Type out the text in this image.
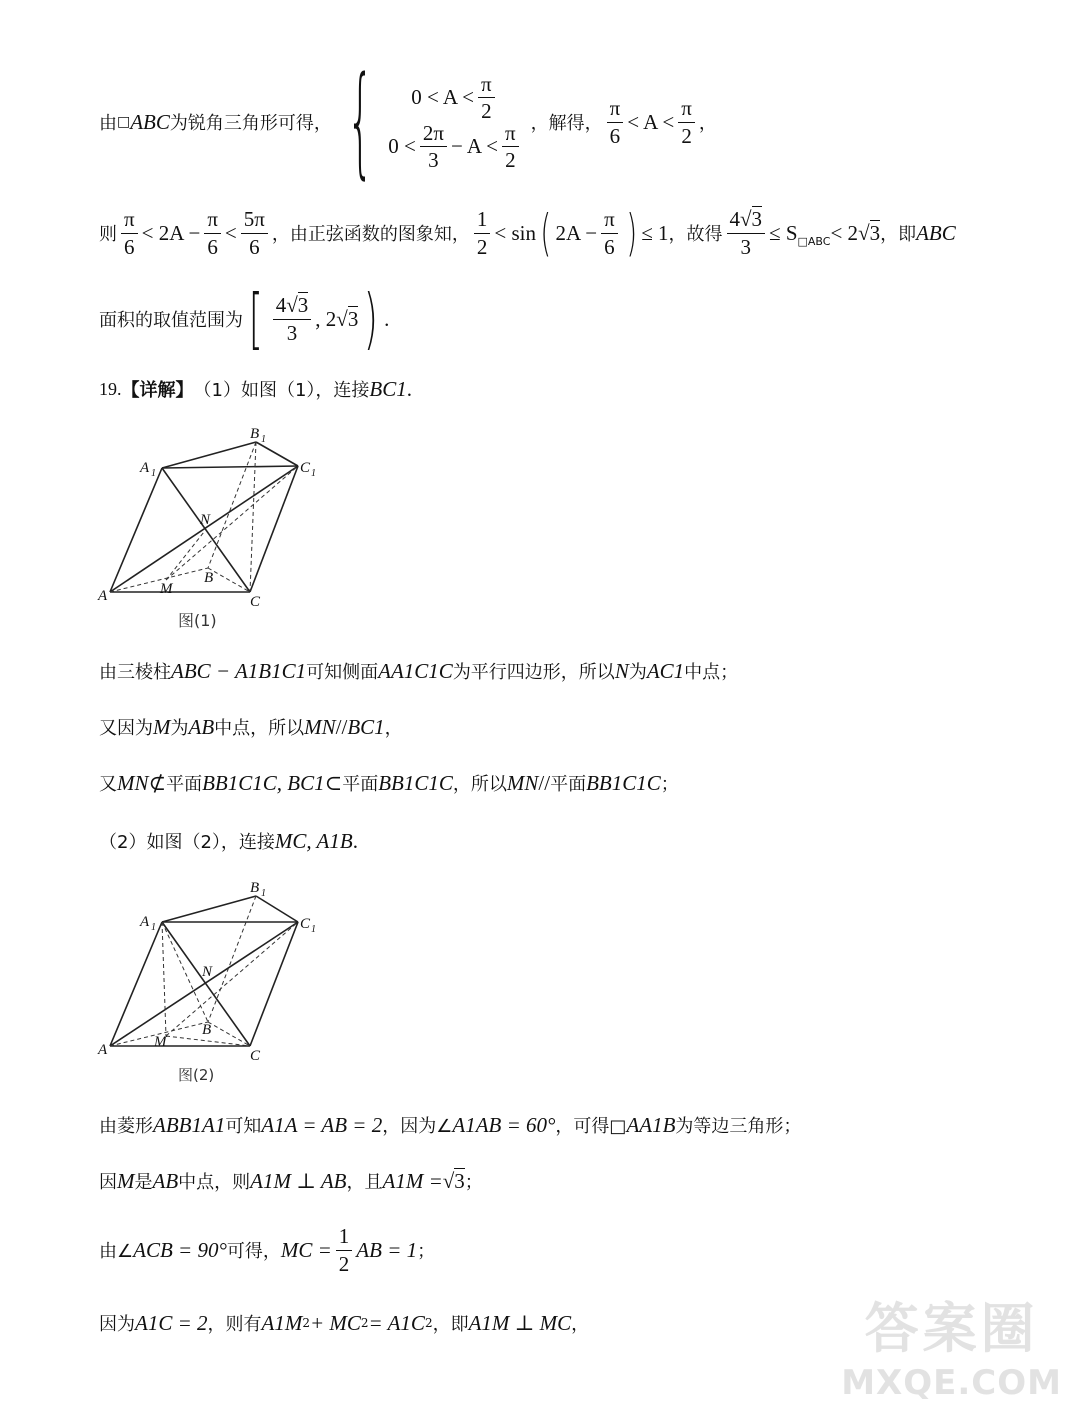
由 □ ABC 为锐角三角形可得， { $0 < A < \frac{\pi}{2}$
$0 < \frac{2\pi}{3} - A < \frac{\pi}{2}$ ，解得， $\frac{\pi}{6} < A < \frac{\pi}{2}$ ，
则 $\frac{\pi}{6} < 2A - \frac{\pi}{6} < \frac{5\pi}{6}$ ，由正弦函数的图象知， $\frac{1}{2} < \sin$ ( $2A - \frac{\pi}{6}$ ) ≤ 1 ，故得 $\frac{4√3}{3} \le S$ □ABC < 2 √ 3 ，即 ABC
面积的取值范围为 [ $\frac{4√3}{3}$ , 2 √ 3 ) .
19. 【详解】 （1）如图（1），连接 BC 1 .
A 1
B 1
C 1
N
B
M
A	C
图(1)
由三棱柱 ABC − A 1 B 1 C 1 可知侧面 AA 1 C 1 C 为平行四边形，所以 N 为 AC 1 中点；
又因为 M 为 AB 中点，所以 MN // BC 1 ，
又 MN ⊄ 平面 BB 1 C 1 C, BC 1 ⊂ 平面 BB 1 C 1 C ，所以 MN // 平面 BB 1 C 1 C ；
（2）如图（2），连接 MC, A 1 B .
A 1
B 1
C 1
N
B
M
A	C
图(2)
由菱形 ABB 1 A 1 可知 A 1 A = AB = 2 ，因为∠ A 1 AB = 60° ，可得□ AA 1 B 为等边三角形；
因 M 是 AB 中点，则 A 1 M ⊥ AB ，且 A 1 M = √ 3 ；
由∠ ACB = 90° 可得， MC = $\frac{1}{2}$ AB = 1 ；
因为 A 1 C = 2 ，则有 A 1 M 2 + MC 2 = A 1 C 2 ，即 A 1 M ⊥ MC ，	答案圈
MXQE.COM
